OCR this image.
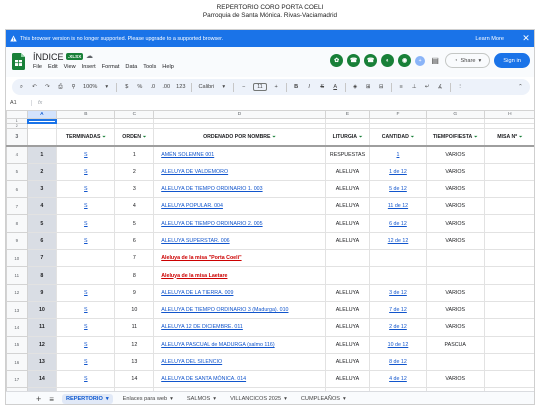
REPERTORIO CORO PORTA COELI
Parroquia de Santa Mónica. Rivas-Vaciamadrid
This browser version is no longer supported. Please upgrade to a supported browser.	Learn More ✕
ÍNDICE .XLSX ☁
File Edit View Insert Format Data Tools Help
✿	☎	☎	◐	◉	+	▤	◔ Share ▾	Sign in
⌕	↶ ↷ ⎙ ⚲ 100%	▾	$	% .0 .00 123 Calibri	▾	−	11	+	B	I	S A	◈ ⊞ ⊟	≡	⊥ ↵ ∡	⋮	⌃
A1	fx
	A	B	C	D	E	F	G	H
1								
2								
3		TERMINADAS ⏷	ORDEN ⏷	ORDENADO POR NOMBRE ⏷	LITURGIA ⏷	CANTIDAD ⏷	TIEMPO/FIESTA ⏷	MISA Nº ⏷
4	1	S	1	AMÉN SOLEMNE 001	RESPUESTAS	1	VARIOS	
5	2	S	2	ALELUYA DE VALDEMORO	ALELUYA	1 de 12	VARIOS	
6	3	S	3	ALELUYA DE TIEMPO ORDINARIO 1. 003	ALELUYA	5 de 12	VARIOS	
7	4	S	4	ALELUYA POPULAR. 004	ALELUYA	11 de 12	VARIOS	
8	5	S	5	ALELUYA DE TIEMPO ORDINARIO 2. 005	ALELUYA	6 de 12	VARIOS	
9	6	S	6	ALELUYA SUPERSTAR. 006	ALELUYA	12 de 12	VARIOS	
10	7		7	Aleluya de la misa "Porta Coeli"				
11	8		8	Aleluya de la misa Laetare				
12	9	S	9	ALELUYA DE LA TIERRA. 009	ALELUYA	3 de 12	VARIOS	
13	10	S	10	ALELUYA DE TIEMPO ORDINARIO 3 (Madurga). 010	ALELUYA	7 de 12	VARIOS	
14	11	S	11	ALELUYA 12 DE DICIEMBRE. 011	ALELUYA	2 de 12	VARIOS	
15	12	S	12	ALELUYA PASCUAL de MADURGA (salmo 116)	ALELUYA	10 de 12	PASCUA	
16	13	S	13	ALELUYA DEL SILENCIO	ALELUYA	8 de 12		
17	14	S	14	ALELUYA DE SANTA MÓNICA. 014	ALELUYA	4 de 12	VARIOS	

+ ≡ REPERTORIO ▾	Enlaces para web ▾	SALMOS ▾	VILLANCICOS 2025 ▾	CUMPLEAÑOS ▾
